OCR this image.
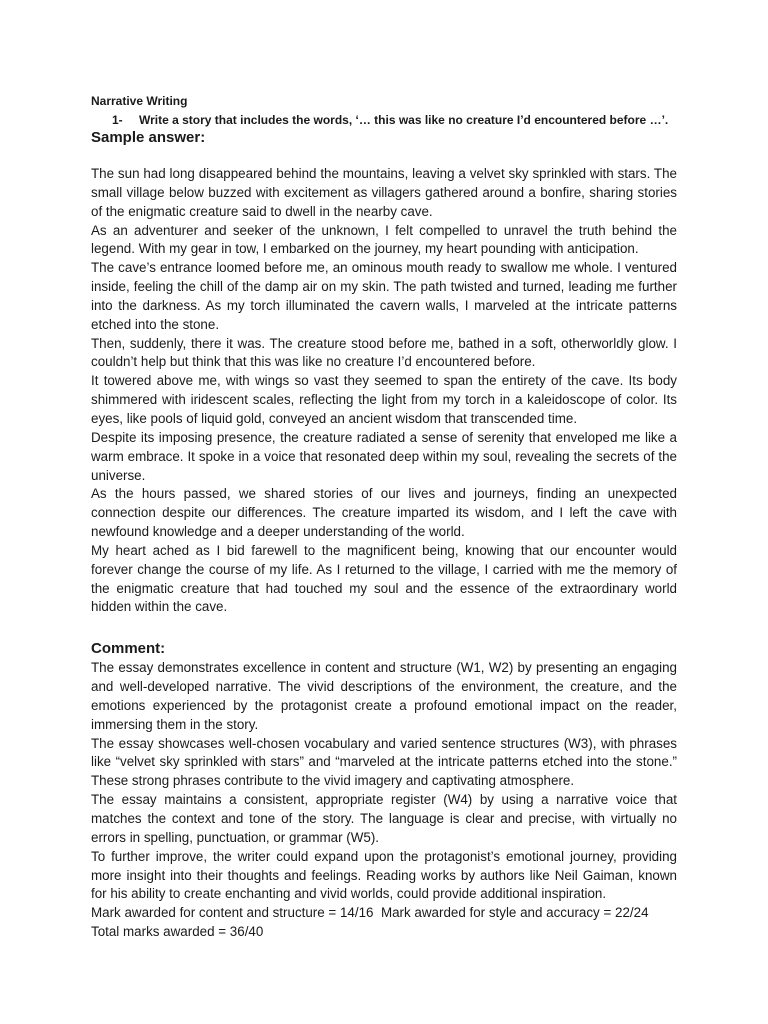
Narrative Writing

1-	Write a story that includes the words, ‘… this was like no creature I’d encountered before …’.

Sample answer:

The sun had long disappeared behind the mountains, leaving a velvet sky sprinkled with stars. The small village below buzzed with excitement as villagers gathered around a bonfire, sharing stories of the enigmatic creature said to dwell in the nearby cave.

As an adventurer and seeker of the unknown, I felt compelled to unravel the truth behind the legend. With my gear in tow, I embarked on the journey, my heart pounding with anticipation.

The cave’s entrance loomed before me, an ominous mouth ready to swallow me whole. I ventured inside, feeling the chill of the damp air on my skin. The path twisted and turned, leading me further into the darkness. As my torch illuminated the cavern walls, I marveled at the intricate patterns etched into the stone.

Then, suddenly, there it was. The creature stood before me, bathed in a soft, otherworldly glow. I couldn’t help but think that this was like no creature I’d encountered before.

It towered above me, with wings so vast they seemed to span the entirety of the cave. Its body shimmered with iridescent scales, reflecting the light from my torch in a kaleidoscope of color. Its eyes, like pools of liquid gold, conveyed an ancient wisdom that transcended time.

Despite its imposing presence, the creature radiated a sense of serenity that enveloped me like a warm embrace. It spoke in a voice that resonated deep within my soul, revealing the secrets of the universe.

As the hours passed, we shared stories of our lives and journeys, finding an unexpected connection despite our differences. The creature imparted its wisdom, and I left the cave with newfound knowledge and a deeper understanding of the world.

My heart ached as I bid farewell to the magnificent being, knowing that our encounter would forever change the course of my life. As I returned to the village, I carried with me the memory of the enigmatic creature that had touched my soul and the essence of the extraordinary world hidden within the cave.

Comment:

The essay demonstrates excellence in content and structure (W1, W2) by presenting an engaging and well-developed narrative. The vivid descriptions of the environment, the creature, and the emotions experienced by the protagonist create a profound emotional impact on the reader, immersing them in the story.

The essay showcases well-chosen vocabulary and varied sentence structures (W3), with phrases like “velvet sky sprinkled with stars” and “marveled at the intricate patterns etched into the stone.” These strong phrases contribute to the vivid imagery and captivating atmosphere.

The essay maintains a consistent, appropriate register (W4) by using a narrative voice that matches the context and tone of the story. The language is clear and precise, with virtually no errors in spelling, punctuation, or grammar (W5).

To further improve, the writer could expand upon the protagonist’s emotional journey, providing more insight into their thoughts and feelings. Reading works by authors like Neil Gaiman, known for his ability to create enchanting and vivid worlds, could provide additional inspiration.

Mark awarded for content and structure = 14/16 Mark awarded for style and accuracy = 22/24

Total marks awarded = 36/40
